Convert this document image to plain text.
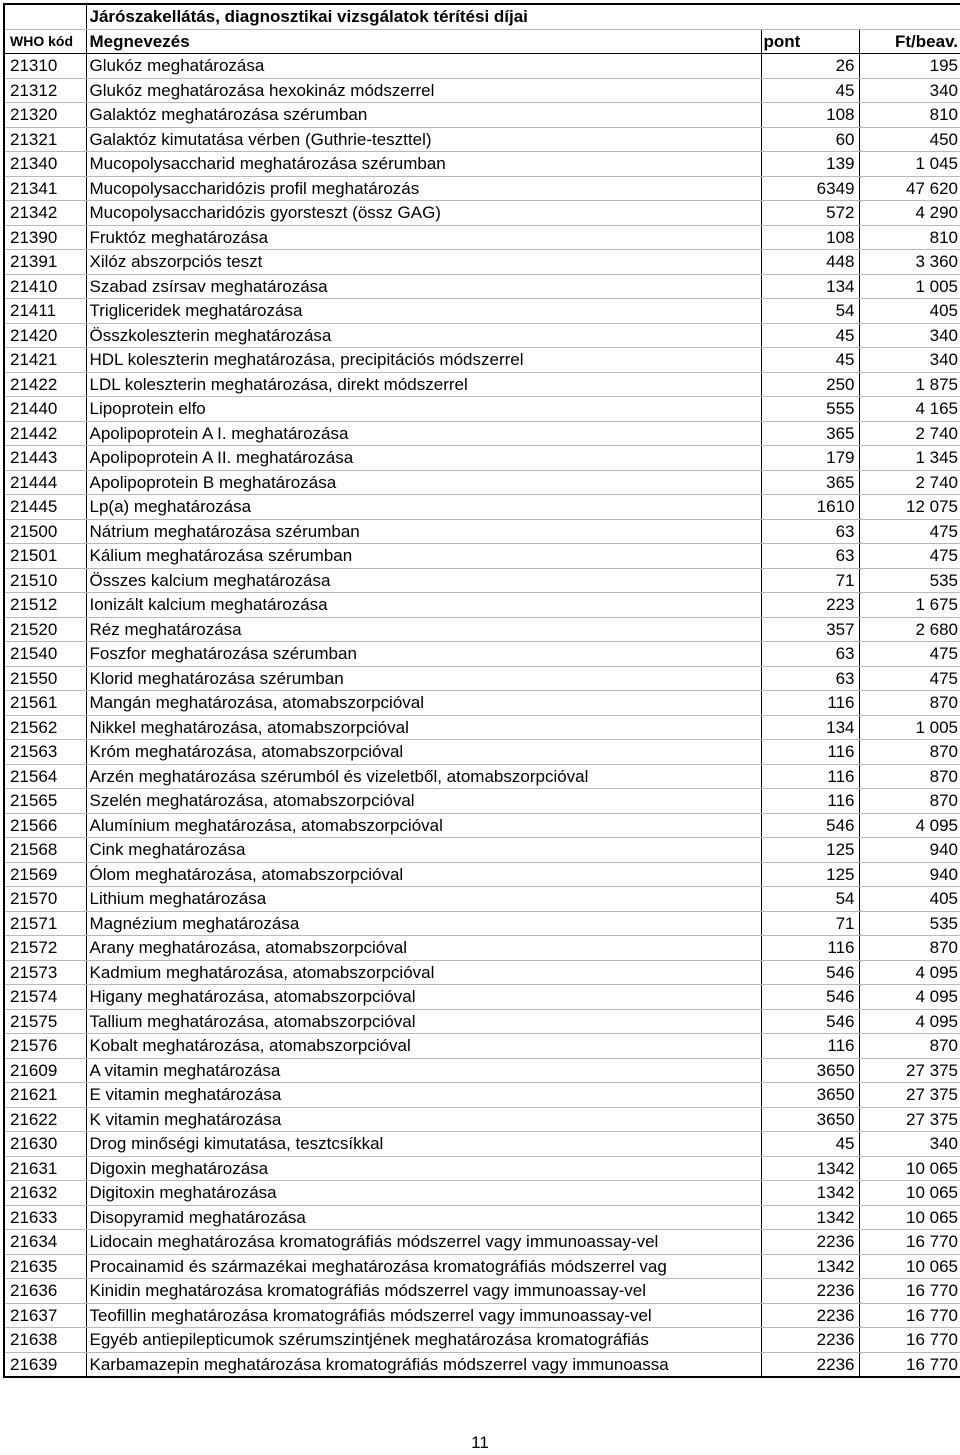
	Járószakellátás, diagnosztikai vizsgálatok térítési díjai		
WHO kód	Megnevezés	pont	Ft/beav.
21310	Glukóz meghatározása	26	195
21312	Glukóz meghatározása hexokináz módszerrel	45	340
21320	Galaktóz meghatározása szérumban	108	810
21321	Galaktóz kimutatása vérben (Guthrie-teszttel)	60	450
21340	Mucopolysaccharid meghatározása szérumban	139	1 045
21341	Mucopolysaccharidózis profil meghatározás	6349	47 620
21342	Mucopolysaccharidózis gyorsteszt (össz GAG)	572	4 290
21390	Fruktóz meghatározása	108	810
21391	Xilóz abszorpciós teszt	448	3 360
21410	Szabad zsírsav meghatározása	134	1 005
21411	Trigliceridek meghatározása	54	405
21420	Összkoleszterin meghatározása	45	340
21421	HDL koleszterin meghatározása, precipitációs módszerrel	45	340
21422	LDL koleszterin meghatározása, direkt módszerrel	250	1 875
21440	Lipoprotein elfo	555	4 165
21442	Apolipoprotein A I. meghatározása	365	2 740
21443	Apolipoprotein A II. meghatározása	179	1 345
21444	Apolipoprotein B meghatározása	365	2 740
21445	Lp(a) meghatározása	1610	12 075
21500	Nátrium meghatározása szérumban	63	475
21501	Kálium meghatározása szérumban	63	475
21510	Összes kalcium meghatározása	71	535
21512	Ionizált kalcium meghatározása	223	1 675
21520	Réz meghatározása	357	2 680
21540	Foszfor meghatározása szérumban	63	475
21550	Klorid meghatározása szérumban	63	475
21561	Mangán meghatározása, atomabszorpcióval	116	870
21562	Nikkel meghatározása, atomabszorpcióval	134	1 005
21563	Króm meghatározása, atomabszorpcióval	116	870
21564	Arzén meghatározása szérumból és vizeletből, atomabszorpcióval	116	870
21565	Szelén meghatározása, atomabszorpcióval	116	870
21566	Alumínium meghatározása, atomabszorpcióval	546	4 095
21568	Cink meghatározása	125	940
21569	Ólom meghatározása, atomabszorpcióval	125	940
21570	Lithium meghatározása	54	405
21571	Magnézium meghatározása	71	535
21572	Arany meghatározása, atomabszorpcióval	116	870
21573	Kadmium meghatározása, atomabszorpcióval	546	4 095
21574	Higany meghatározása, atomabszorpcióval	546	4 095
21575	Tallium meghatározása, atomabszorpcióval	546	4 095
21576	Kobalt meghatározása, atomabszorpcióval	116	870
21609	A vitamin meghatározása	3650	27 375
21621	E vitamin meghatározása	3650	27 375
21622	K vitamin meghatározása	3650	27 375
21630	Drog minőségi kimutatása, tesztcsíkkal	45	340
21631	Digoxin meghatározása	1342	10 065
21632	Digitoxin meghatározása	1342	10 065
21633	Disopyramid meghatározása	1342	10 065
21634	Lidocain meghatározása kromatográfiás módszerrel vagy immunoassay-vel	2236	16 770
21635	Procainamid és származékai meghatározása kromatográfiás módszerrel vag	1342	10 065
21636	Kinidin meghatározása kromatográfiás módszerrel vagy immunoassay-vel	2236	16 770
21637	Teofillin meghatározása kromatográfiás módszerrel vagy immunoassay-vel	2236	16 770
21638	Egyéb antiepilepticumok szérumszintjének meghatározása kromatográfiás	2236	16 770
21639	Karbamazepin meghatározása kromatográfiás módszerrel vagy immunoassa	2236	16 770
11
